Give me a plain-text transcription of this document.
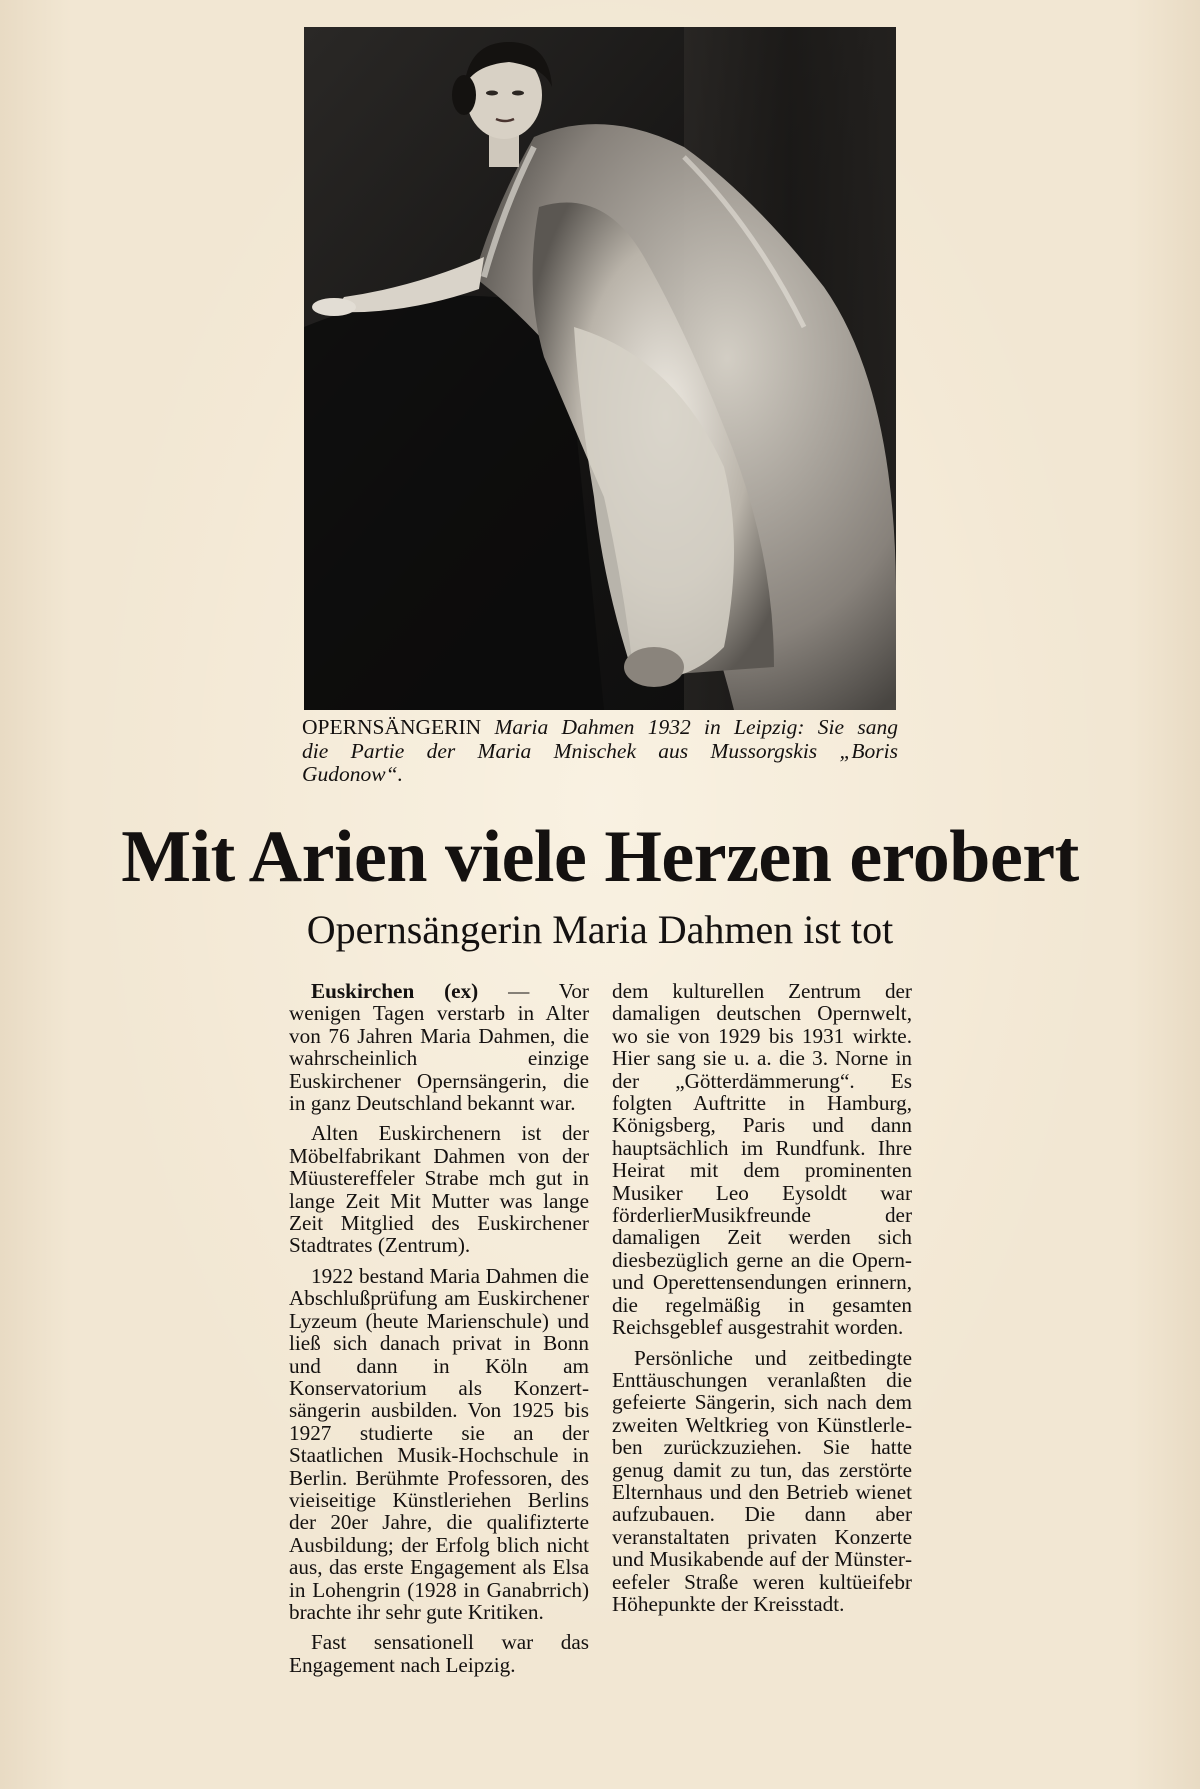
OPERNSÄNGERIN Maria Dahmen 1932 in Leipzig: Sie sang
die Partie der Maria Mnischek aus Mussorgskis „Boris
Gudonow“.
Mit Arien viele Herzen erobert
Opernsängerin Maria Dahmen ist tot

Euskirchen (ex) — Vor wenigen Tagen verstarb in Alter von 76 Jahren Maria Dahmen, die wahrscheinlich einzige Euskirchener Opernsängerin, die in ganz Deutschland bekannt war.

Alten Euskirchenern ist der Möbelfabrikant Dahmen von der Müustereffeler Strabe mch gut in lange Zeit Mit Mutter was lange Zeit Mitglied des Euskirchener Stadtrates (Zentrum).

1922 bestand Maria Dahmen die Abschlußprüfung am Euskirchener Lyzeum (heute Marienschule) und ließ sich danach privat in Bonn und dann in Köln am Konservatorium als Konzertsängerin ausbilden. Von 1925 bis 1927 studierte sie an der Staatlichen Musik-Hochschule in Berlin. Berühmte Professoren, des vieiseitige Künstleriehen Berlins der 20er Jahre, die qualifizterte Ausbildung; der Erfolg blich nicht aus, das erste Engagement als Elsa in Lohengrin (1928 in Ganabrrich) brachte ihr sehr gute Kritiken.

Fast sensationell war das Engagement nach Leipzig.

dem kulturellen Zentrum der damaligen deutschen Opernwelt, wo sie von 1929 bis 1931 wirkte. Hier sang sie u. a. die 3. Norne in der „Götterdämmerung“. Es folgten Auftritte in Hamburg, Königsberg, Paris und dann hauptsächlich im Rundfunk. Ihre Heirat mit dem prominenten Musiker Leo Eysoldt war förderlierMusikfreunde der damaligen Zeit werden sich diesbezüglich gerne an die Opern- und Operettensendungen erinnern, die regelmäßig in gesamten Reichsgeblef ausgestrahit worden.

Persönliche und zeitbedingte Enttäuschungen veranlaßten die gefeierte Sängerin, sich nach dem zweiten Weltkrieg von Künstlerleben zurückzuziehen. Sie hatte genug damit zu tun, das zerstörte Elternhaus und den Betrieb wienet aufzubauen. Die dann aber veranstaltaten privaten Konzerte und Musikabende auf der Münstereefeler Straße weren kultüeifebr Höhepunkte der Kreisstadt.
